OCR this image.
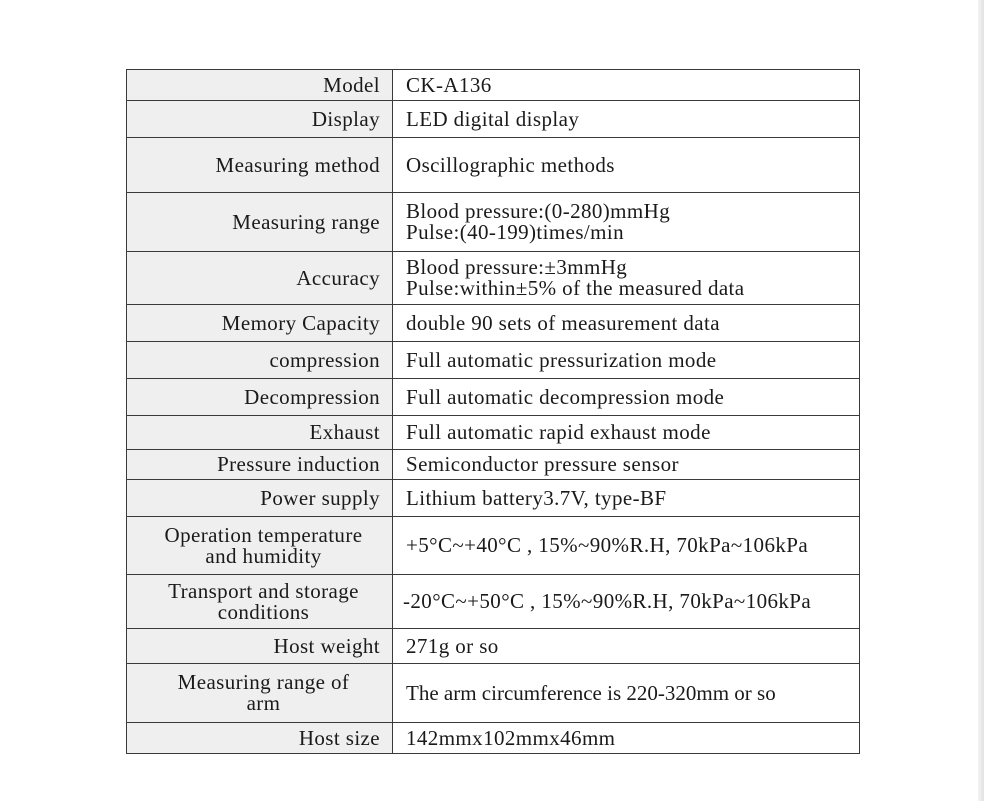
Model	CK-A136
Display	LED digital display
Measuring method	Oscillographic methods
Measuring range	Blood pressure:(0-280)mmHg
Pulse:(40-199)times/min

Accuracy	Blood pressure:±3mmHg
Pulse:within±5% of the measured data

Memory Capacity	double 90 sets of measurement data
compression	Full automatic pressurization mode
Decompression	Full automatic decompression mode
Exhaust	Full automatic rapid exhaust mode
Pressure induction	Semiconductor pressure sensor
Power supply	Lithium battery3.7V, type-BF

Operation temperature
and humidity	+5°C~+40°C , 15%~90%R.H, 70kPa~106kPa

Transport and storage
conditions	-20°C~+50°C , 15%~90%R.H, 70kPa~106kPa
Host weight	271g or so

Measuring range of
arm	The arm circumference is 220-320mm or so
Host size	142mmx102mmx46mm
